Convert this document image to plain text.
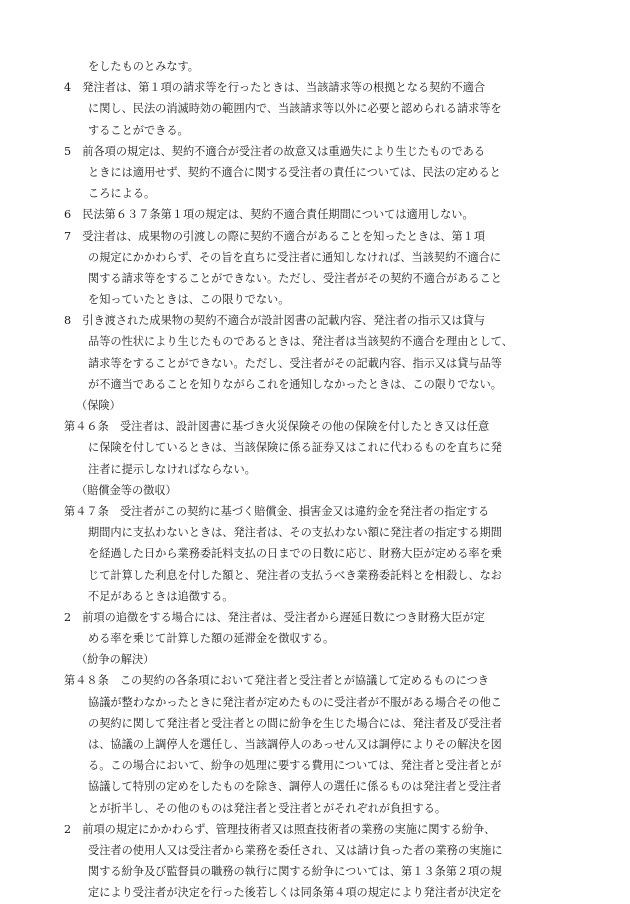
をしたものとみなす。
4　発注者は、第１項の請求等を行ったときは、当該請求等の根拠となる契約不適合
に関し、民法の消滅時効の範囲内で、当該請求等以外に必要と認められる請求等を
することができる。
5　前各項の規定は、契約不適合が受注者の故意又は重過失により生じたものである
ときには適用せず、契約不適合に関する受注者の責任については、民法の定めると
ころによる。
6　民法第６３７条第１項の規定は、契約不適合責任期間については適用しない。
7　受注者は、成果物の引渡しの際に契約不適合があることを知ったときは、第１項
の規定にかかわらず、その旨を直ちに受注者に通知しなければ、当該契約不適合に
関する請求等をすることができない。ただし、受注者がその契約不適合があること
を知っていたときは、この限りでない。
8　引き渡された成果物の契約不適合が設計図書の記載内容、発注者の指示又は貸与
品等の性状により生じたものであるときは、発注者は当該契約不適合を理由として、
請求等をすることができない。ただし、受注者がその記載内容、指示又は貸与品等
が不適当であることを知りながらこれを通知しなかったときは、この限りでない。
（保険）
第４６条　受注者は、設計図書に基づき火災保険その他の保険を付したとき又は任意
に保険を付しているときは、当該保険に係る証券又はこれに代わるものを直ちに発
注者に提示しなければならない。
（賠償金等の徴収）
第４７条　受注者がこの契約に基づく賠償金、損害金又は違約金を発注者の指定する
期間内に支払わないときは、発注者は、その支払わない額に発注者の指定する期間
を経過した日から業務委託料支払の日までの日数に応じ、財務大臣が定める率を乗
じて計算した利息を付した額と、発注者の支払うべき業務委託料とを相殺し、なお
不足があるときは追徴する。
2　前項の追徴をする場合には、発注者は、受注者から遅延日数につき財務大臣が定
める率を乗じて計算した額の延滞金を徴収する。
（紛争の解決）
第４８条　この契約の各条項において発注者と受注者とが協議して定めるものにつき
協議が整わなかったときに発注者が定めたものに受注者が不服がある場合その他こ
の契約に関して発注者と受注者との間に紛争を生じた場合には、発注者及び受注者
は、協議の上調停人を選任し、当該調停人のあっせん又は調停によりその解決を図
る。この場合において、紛争の処理に要する費用については、発注者と受注者とが
協議して特別の定めをしたものを除き、調停人の選任に係るものは発注者と受注者
とが折半し、その他のものは発注者と受注者とがそれぞれが負担する。
2　前項の規定にかかわらず、管理技術者又は照査技術者の業務の実施に関する紛争、
受注者の使用人又は受注者から業務を委任され、又は請け負った者の業務の実施に
関する紛争及び監督員の職務の執行に関する紛争については、第１３条第２項の規
定により受注者が決定を行った後若しくは同条第４項の規定により発注者が決定を
